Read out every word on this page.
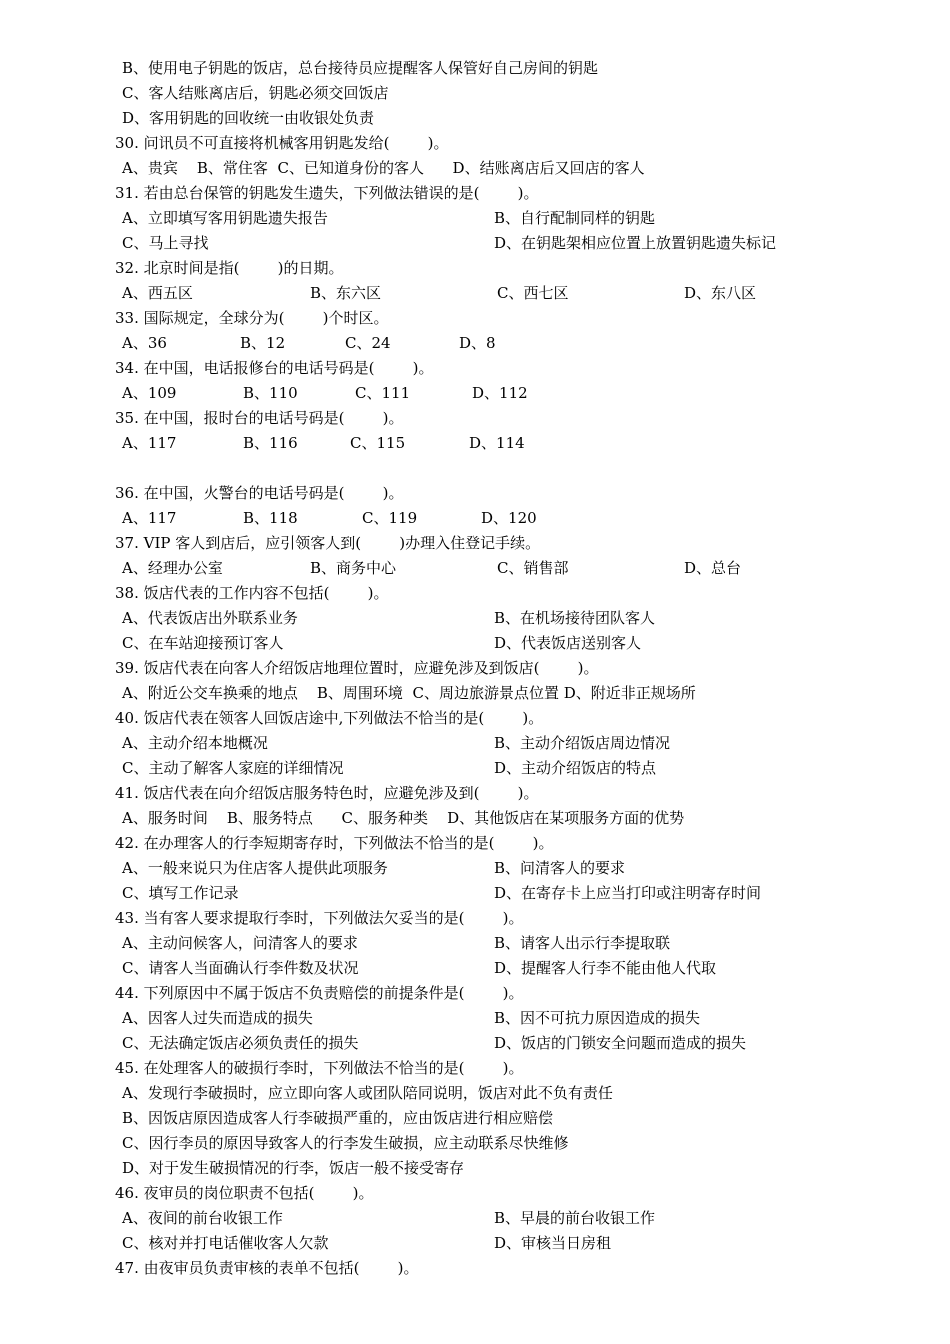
B、使用电子钥匙的饭店，总台接待员应提醒客人保管好自己房间的钥匙
C、客人结账离店后，钥匙必须交回饭店
D、客用钥匙的回收统一由收银处负责
30. 问讯员不可直接将机械客用钥匙发给(        )。
A、贵宾    B、常住客  C、已知道身份的客人      D、结账离店后又回店的客人
31. 若由总台保管的钥匙发生遗失，下列做法错误的是(        )。
A、立即填写客用钥匙遗失报告	B、自行配制同样的钥匙
C、马上寻找	D、在钥匙架相应位置上放置钥匙遗失标记
32. 北京时间是指(        )的日期。
A、西五区	B、东六区	C、西七区	D、东八区
33. 国际规定，全球分为(        )个时区。
A、36	B、12	C、24	D、8
34. 在中国，电话报修台的电话号码是(        )。
A、109	B、110	C、111	D、112
35. 在中国，报时台的电话号码是(        )。
A、117	B、116	C、115	D、114
36. 在中国，火警台的电话号码是(        )。
A、117	B、118	C、119	D、120
37. VIP 客人到店后，应引领客人到(        )办理入住登记手续。
A、经理办公室	B、商务中心	C、销售部	D、总台
38. 饭店代表的工作内容不包括(        )。
A、代表饭店出外联系业务	B、在机场接待团队客人
C、在车站迎接预订客人	D、代表饭店送别客人
39. 饭店代表在向客人介绍饭店地理位置时，应避免涉及到饭店(        )。
A、附近公交车换乘的地点    B、周围环境  C、周边旅游景点位置 D、附近非正规场所
40. 饭店代表在领客人回饭店途中,下列做法不恰当的是(        )。
A、主动介绍本地概况	B、主动介绍饭店周边情况
C、主动了解客人家庭的详细情况	D、主动介绍饭店的特点
41. 饭店代表在向介绍饭店服务特色时，应避免涉及到(        )。
A、服务时间    B、服务特点      C、服务种类    D、其他饭店在某项服务方面的优势
42. 在办理客人的行李短期寄存时，下列做法不恰当的是(        )。
A、一般来说只为住店客人提供此项服务	B、问清客人的要求
C、填写工作记录	D、在寄存卡上应当打印或注明寄存时间
43. 当有客人要求提取行李时，下列做法欠妥当的是(        )。
A、主动问候客人，问清客人的要求	B、请客人出示行李提取联
C、请客人当面确认行李件数及状况	D、提醒客人行李不能由他人代取
44. 下列原因中不属于饭店不负责赔偿的前提条件是(        )。
A、因客人过失而造成的损失	B、因不可抗力原因造成的损失
C、无法确定饭店必须负责任的损失	D、饭店的门锁安全问题而造成的损失
45. 在处理客人的破损行李时，下列做法不恰当的是(        )。
A、发现行李破损时，应立即向客人或团队陪同说明，饭店对此不负有责任
B、因饭店原因造成客人行李破损严重的，应由饭店进行相应赔偿
C、因行李员的原因导致客人的行李发生破损，应主动联系尽快维修
D、对于发生破损情况的行李，饭店一般不接受寄存
46. 夜审员的岗位职责不包括(        )。
A、夜间的前台收银工作	B、早晨的前台收银工作
C、核对并打电话催收客人欠款	D、审核当日房租
47. 由夜审员负责审核的表单不包括(        )。
